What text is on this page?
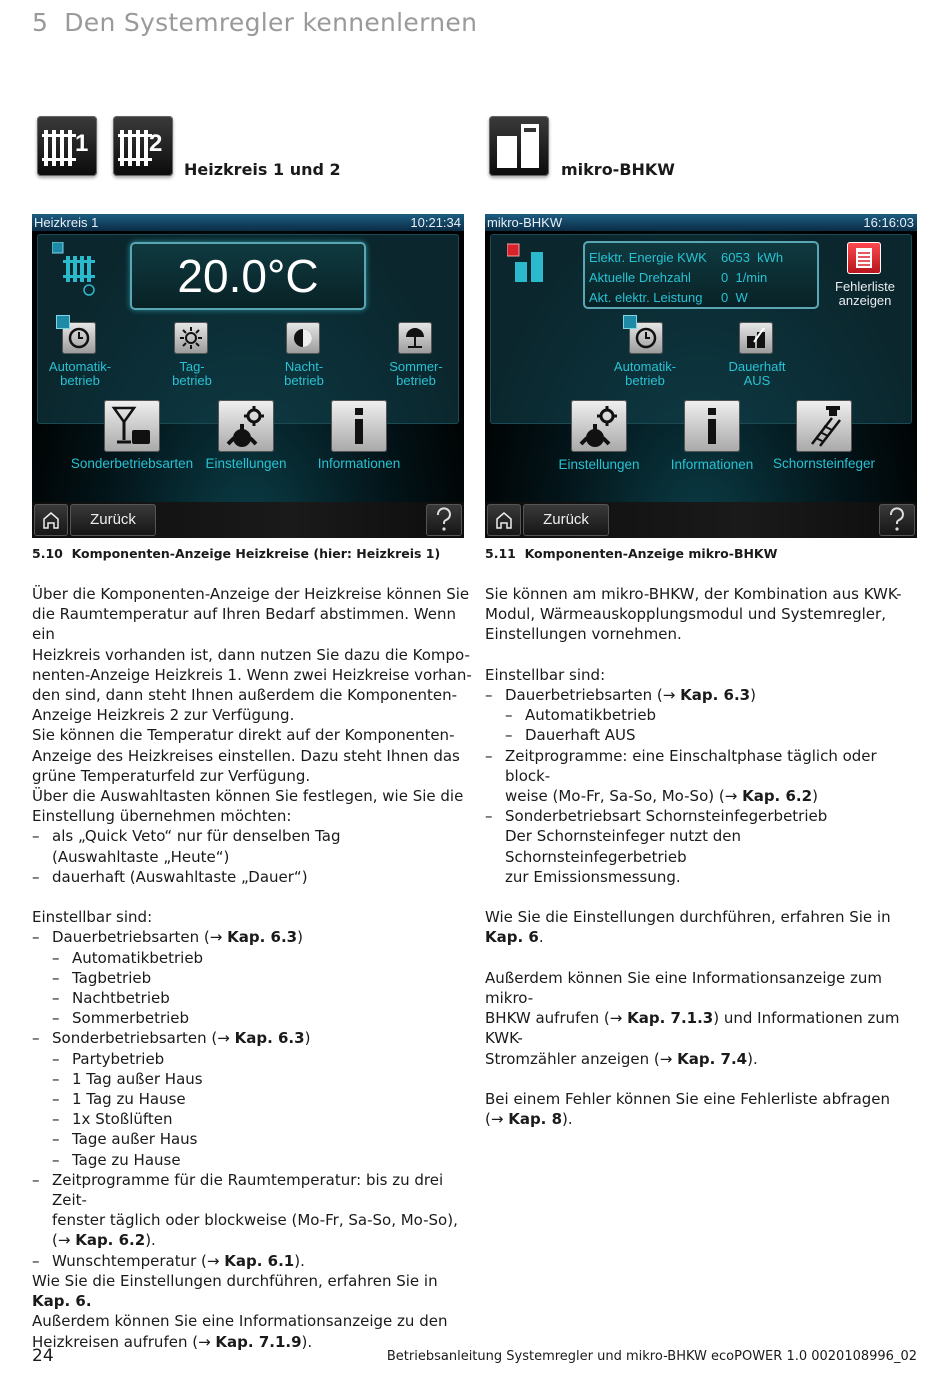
5 Den Systemregler kennenlernen
1	2
Heizkreis 1 und 2	mikro-BHKW
Heizkreis 1	10:21:34
20.0°C
Automatik-
betrieb
Tag-
betrieb
Nacht-
betrieb
Sommer-
betrieb
Sonderbetriebsarten Einstellungen	Informationen
Zurück
mikro-BHKW	16:16:03
Elektr. Energie KWK 6053 kWh
Aktuelle Drehzahl 0 1/min
Akt. elektr. Leistung 0 W
Fehlerliste
anzeigen
Automatik-
betrieb
Dauerhaft
AUS
Einstellungen	Informationen	Schornsteinfeger
Zurück
5.10 Komponenten-Anzeige Heizkreise (hier: Heizkreis 1)	5.11 Komponenten-Anzeige mikro-BHKW

Über die Komponenten-Anzeige der Heizkreise können Sie

die Raumtemperatur auf Ihren Bedarf abstimmen. Wenn ein

Heizkreis vorhanden ist, dann nutzen Sie dazu die Kompo-

nenten-Anzeige Heizkreis 1. Wenn zwei Heizkreise vorhan-

den sind, dann steht Ihnen außerdem die Komponenten-

Anzeige Heizkreis 2 zur Verfügung.

Sie können die Temperatur direkt auf der Komponenten-

Anzeige des Heizkreises einstellen. Dazu steht Ihnen das

grüne Temperaturfeld zur Verfügung.

Über die Auswahltasten können Sie festlegen, wie Sie die

Einstellung übernehmen möchten:

– als „Quick Veto“ nur für denselben Tag
(Auswahltaste „Heute“)
– dauerhaft (Auswahltaste „Dauer“)

Einstellbar sind:

– Dauerbetriebsarten (→ Kap. 6.3)
– Automatikbetrieb
– Tagbetrieb
– Nachtbetrieb
– Sommerbetrieb
– Sonderbetriebsarten (→ Kap. 6.3)
– Partybetrieb
– 1 Tag außer Haus
– 1 Tag zu Hause
– 1x Stoßlüften
– Tage außer Haus
– Tage zu Hause
– Zeitprogramme für die Raumtemperatur: bis zu drei Zeit-
fenster täglich oder blockweise (Mo-Fr, Sa-So, Mo-So),
(→ Kap. 6.2).
– Wunschtemperatur (→ Kap. 6.1).

Wie Sie die Einstellungen durchführen, erfahren Sie in

Kap. 6.

Außerdem können Sie eine Informationsanzeige zu den

Heizkreisen aufrufen (→ Kap. 7.1.9).

Sie können am mikro-BHKW, der Kombination aus KWK-

Modul, Wärmeauskopplungsmodul und Systemregler,

Einstellungen vornehmen.

Einstellbar sind:

– Dauerbetriebsarten (→ Kap. 6.3)
– Automatikbetrieb
– Dauerhaft AUS
– Zeitprogramme: eine Einschaltphase täglich oder block-
weise (Mo-Fr, Sa-So, Mo-So) (→ Kap. 6.2)
– Sonderbetriebsart Schornsteinfegerbetrieb
Der Schornsteinfeger nutzt den Schornsteinfegerbetrieb
zur Emissionsmessung.

Wie Sie die Einstellungen durchführen, erfahren Sie in

Kap. 6.

Außerdem können Sie eine Informationsanzeige zum mikro-

BHKW aufrufen (→ Kap. 7.1.3) und Informationen zum KWK-

Stromzähler anzeigen (→ Kap. 7.4).

Bei einem Fehler können Sie eine Fehlerliste abfragen

(→ Kap. 8).

24	Betriebsanleitung Systemregler und mikro-BHKW ecoPOWER 1.0 0020108996_02
